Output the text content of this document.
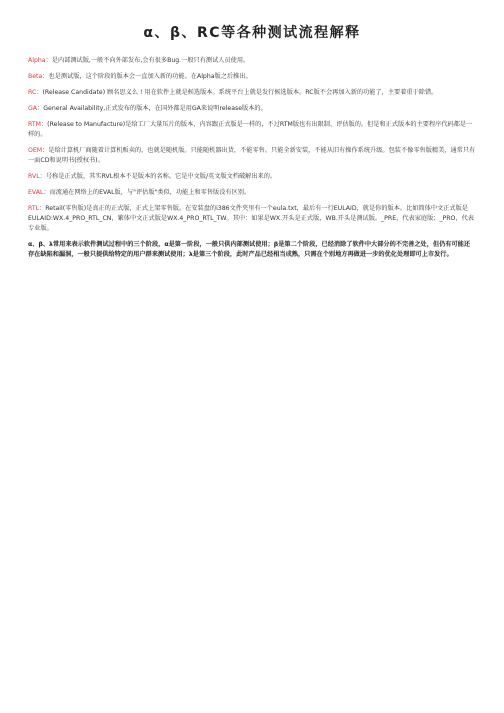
α、β、RC等各种测试流程解释

Alpha：是内部测试版,一般不向外部发布,会有很多Bug.一般只有测试人员使用。

Beta：也是测试版，这个阶段的版本会一直加入新的功能。在Alpha版之后推出。

RC：(Release Candidate) 顾名思义么 ! 用在软件上就是候选版本。系统平台上就是发行候选版本。RC版不会再加入新的功能了，主要着重于除错。

GA：General Availability,正式发布的版本，在国外都是用GA来说明release版本的。

RTM：(Release to Manufacture)是给工厂大量压片的版本，内容跟正式版是一样的，不过RTM版也有出限制、评估版的。但是和正式版本的主要程序代码都是一样的。

OEM：是给计算机厂商随着计算机贩卖的，也就是随机版。只能随机器出货，不能零售。只能全新安装，不能从旧有操作系统升级。包装不像零售版精美，通常只有一面CD和说明书(授权书)。

RVL：号称是正式版，其实RVL根本不是版本的名称。它是中文版/英文版文档破解出来的。

EVAL：而流通在网络上的EVAL版，与"评估版"类似，功能上和零售版没有区别。

RTL：Retail(零售版)是真正的正式版，正式上架零售版。在安装盘的i386文件夹里有一个eula.txt，最后有一行EULAID，就是你的版本。比如简体中文正式版是EULAID:WX.4_PRO_RTL_CN，繁体中文正式版是WX.4_PRO_RTL_TW。其中：如果是WX.开头是正式版，WB.开头是测试版。_PRE，代表家庭版；_PRO，代表专业版。

α、β、λ常用来表示软件测试过程中的三个阶段，α是第一阶段，一般只供内部测试使用；β是第二个阶段，已经消除了软件中大部分的不完善之处，但仍有可能还存在缺陷和漏洞，一般只提供给特定的用户群来测试使用；λ是第三个阶段，此时产品已经相当成熟，只需在个别地方再做进一步的优化处理即可上市发行。
